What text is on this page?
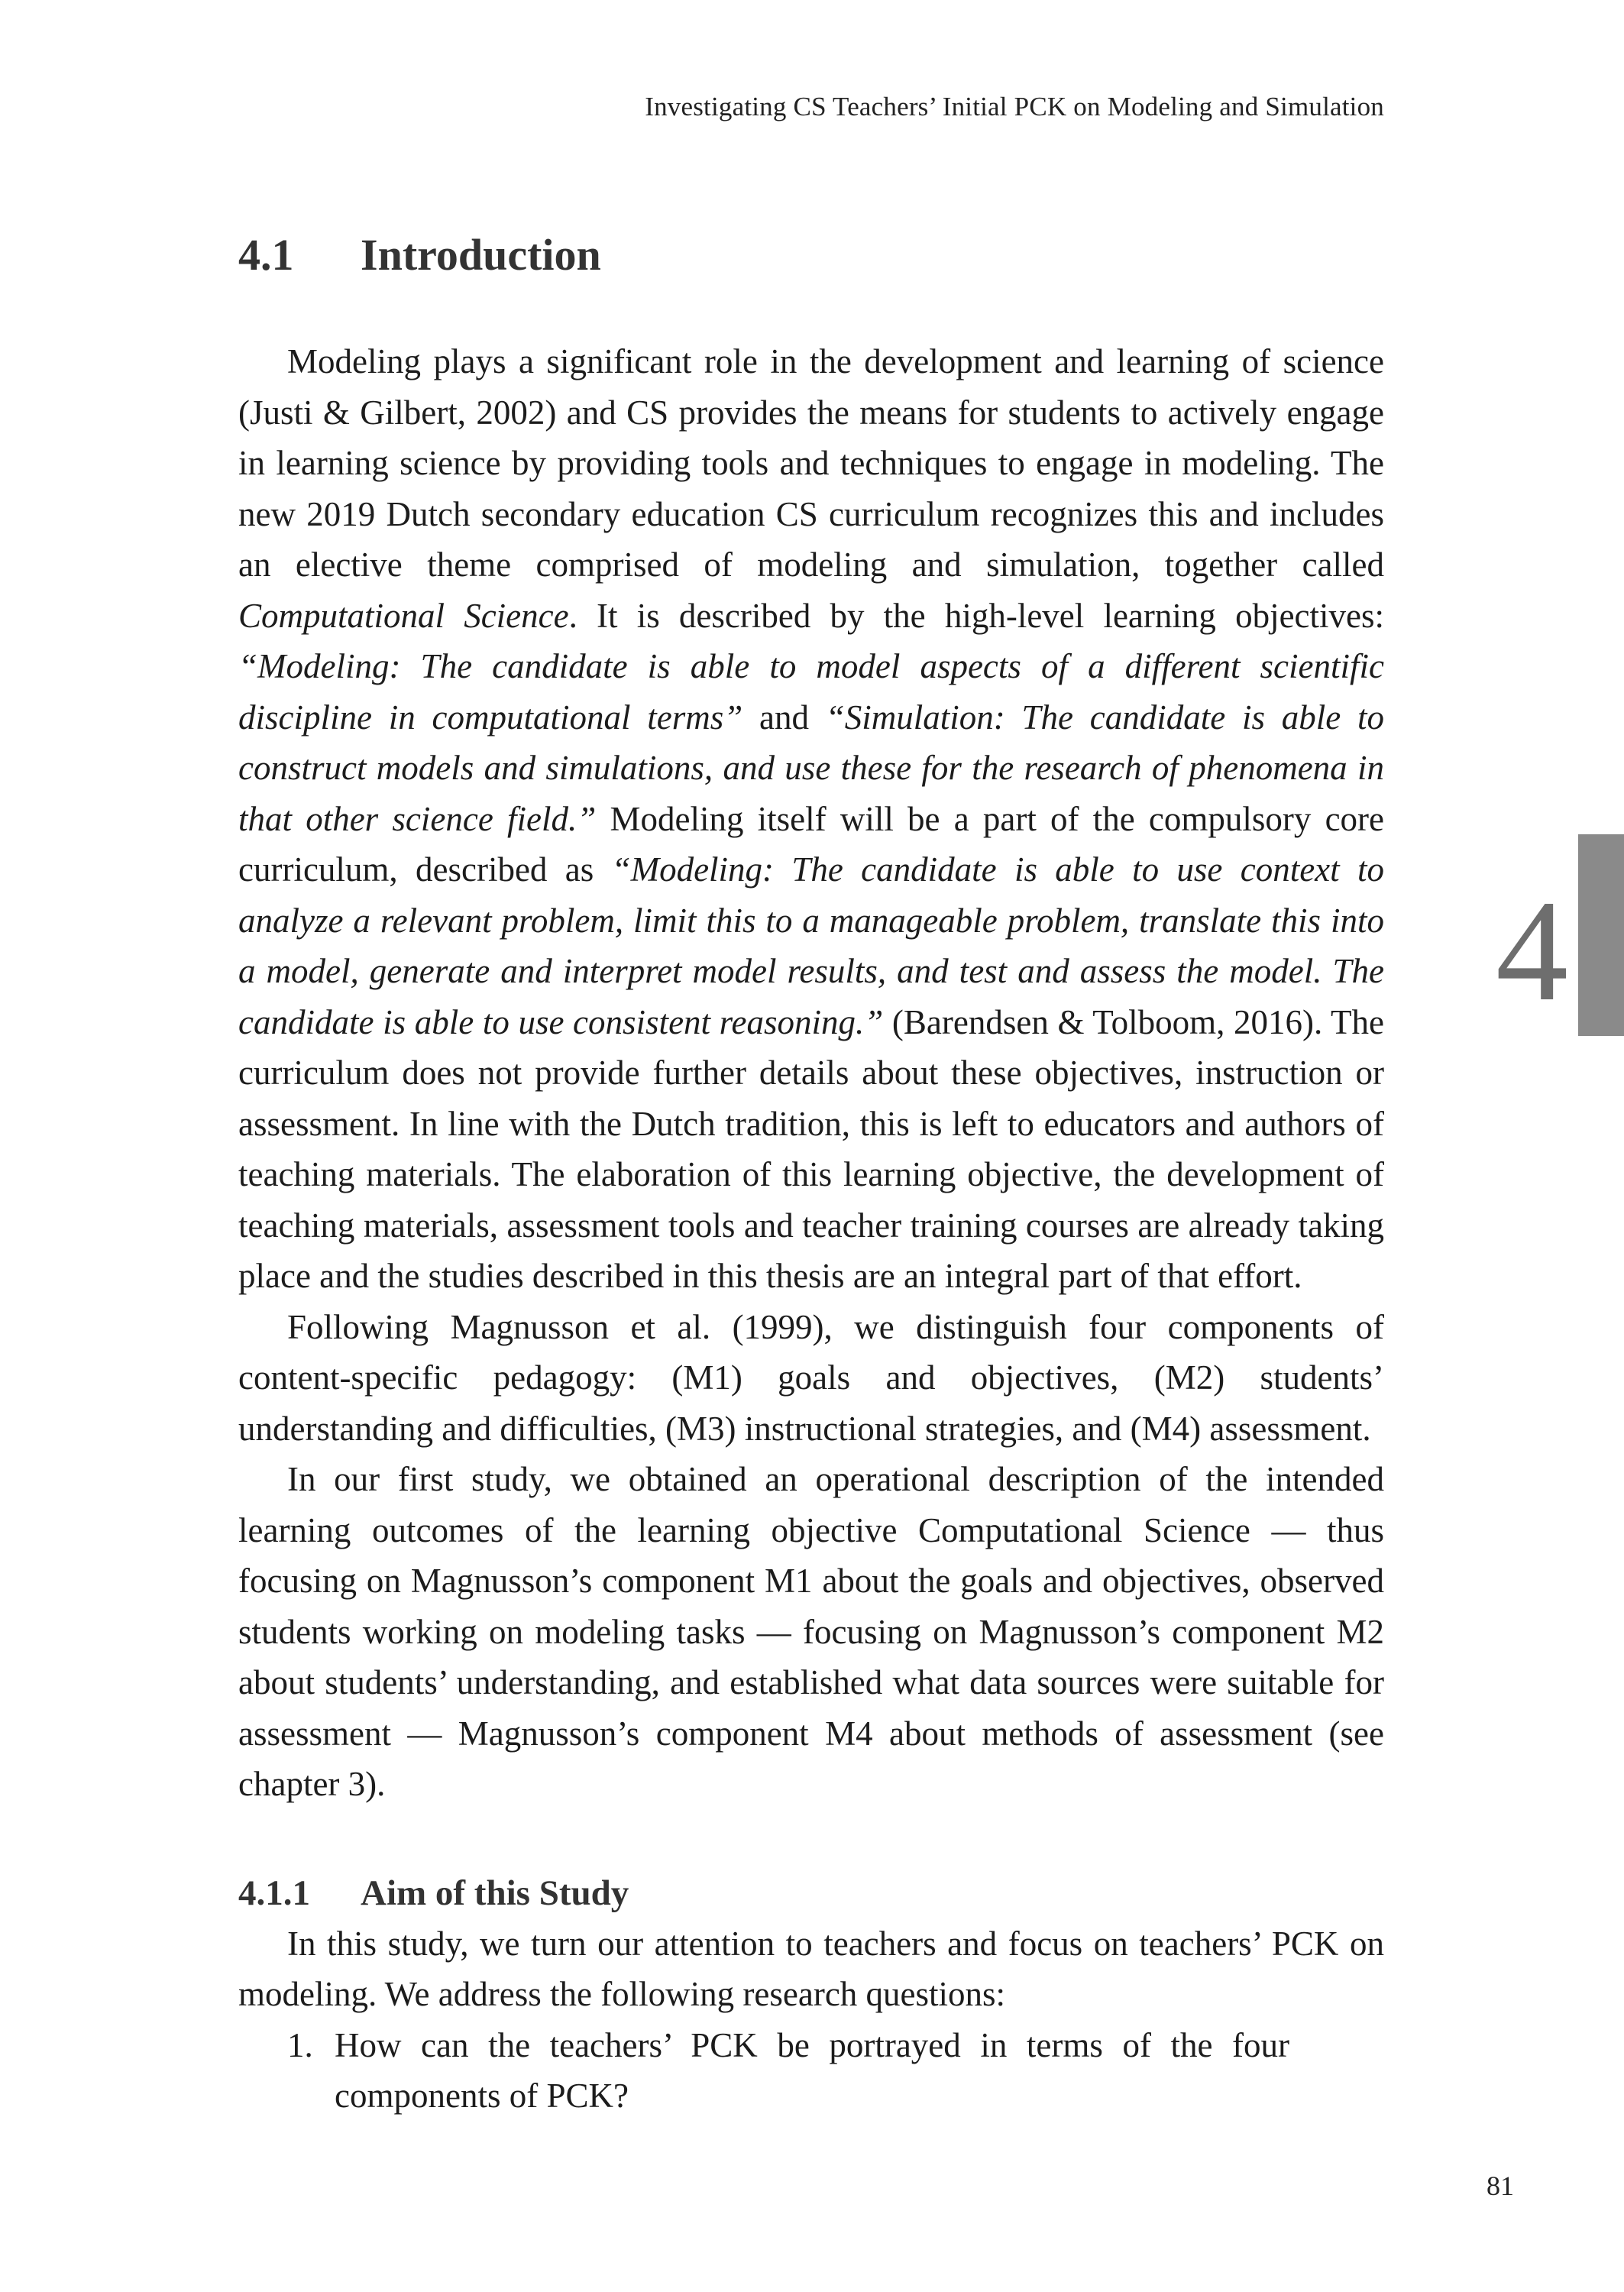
Investigating CS Teachers’ Initial PCK on Modeling and Simulation
4.1	Introduction

Modeling plays a significant role in the development and learning of science (Justi & Gilbert, 2002) and CS provides the means for students to actively engage in learning science by providing tools and techniques to engage in modeling. The new 2019 Dutch secondary education CS curriculum recognizes this and includes an elective theme comprised of modeling and simulation, together called Computational Science. It is described by the high-level learning objectives: “Modeling: The candidate is able to model aspects of a different scientific discipline in computational terms” and “Simulation: The candidate is able to construct models and simulations, and use these for the research of phenomena in that other science field.” Modeling itself will be a part of the compulsory core curriculum, described as “Modeling: The candidate is able to use context to analyze a relevant problem, limit this to a manageable problem, translate this into a model, generate and interpret model results, and test and assess the model. The candidate is able to use consistent reasoning.” (Barendsen & Tolboom, 2016). The curriculum does not provide further details about these objectives, instruction or assessment. In line with the Dutch tradition, this is left to educators and authors of teaching materials. The elaboration of this learning objective, the development of teaching materials, assessment tools and teacher training courses are already taking place and the studies described in this thesis are an integral part of that effort.

Following Magnusson et al. (1999), we distinguish four components of content-specific pedagogy: (M1) goals and objectives, (M2) students’ understanding and difficulties, (M3) instructional strategies, and (M4) assessment.

In our first study, we obtained an operational description of the intended learning outcomes of the learning objective Computational Science — thus focusing on Magnusson’s component M1 about the goals and objectives, observed students working on modeling tasks — focusing on Magnusson’s component M2 about students’ understanding, and established what data sources were suitable for assessment — Magnusson’s component M4 about methods of assessment (see chapter 3).

4.1.1 Aim of this Study

In this study, we turn our attention to teachers and focus on teachers’ PCK on modeling. We address the following research questions:

1. How can the teachers’ PCK be portrayed in terms of the four components of PCK?
4
81
